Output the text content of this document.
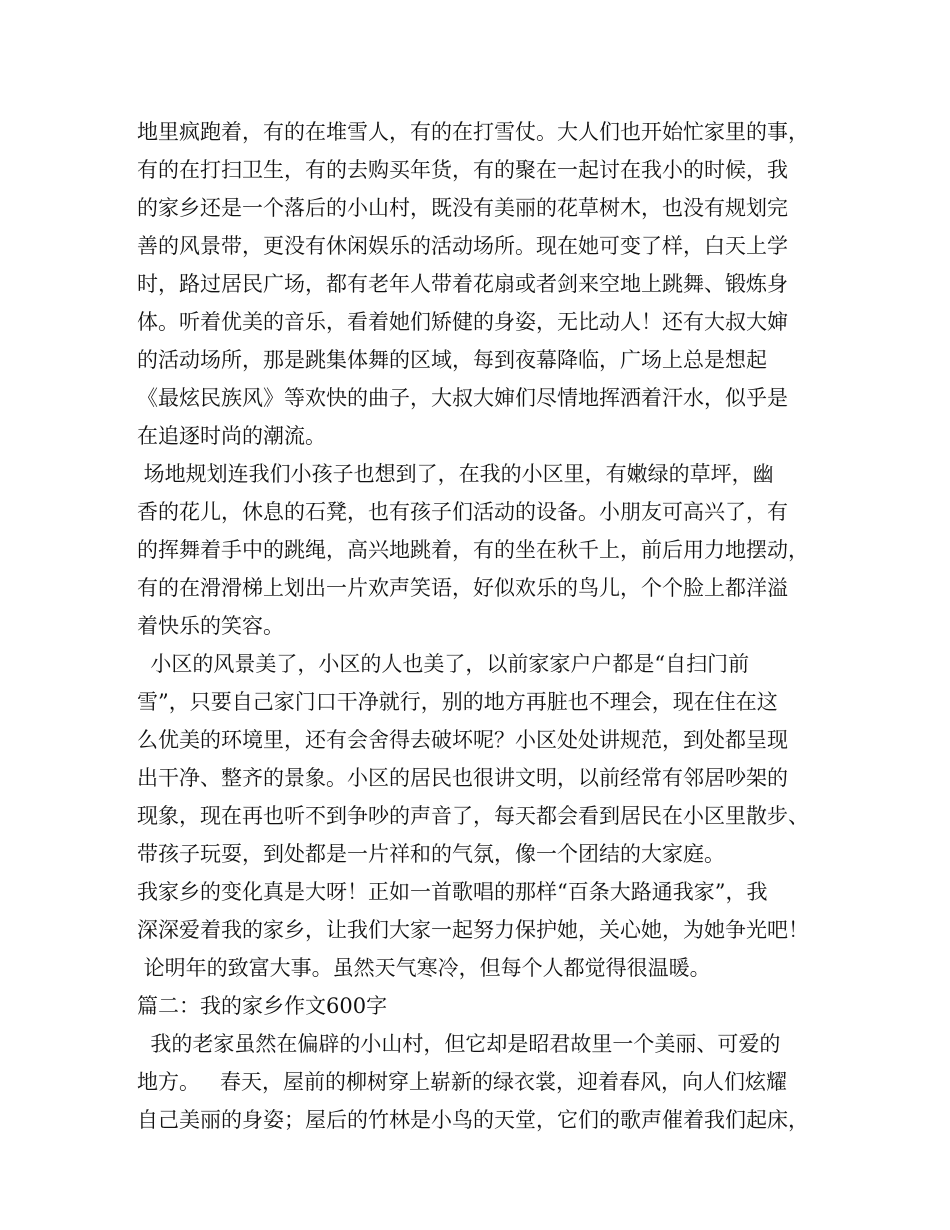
地里疯跑着，有的在堆雪人，有的在打雪仗。大人们也开始忙家里的事，
有的在打扫卫生，有的去购买年货，有的聚在一起讨在我小的时候，我
的家乡还是一个落后的小山村，既没有美丽的花草树木，也没有规划完
善的风景带，更没有休闲娱乐的活动场所。现在她可变了样，白天上学
时，路过居民广场，都有老年人带着花扇或者剑来空地上跳舞、锻炼身
体。听着优美的音乐，看着她们矫健的身姿，无比动人！还有大叔大婶
的活动场所，那是跳集体舞的区域，每到夜幕降临，广场上总是想起
《最炫民族风》等欢快的曲子，大叔大婶们尽情地挥洒着汗水，似乎是
在追逐时尚的潮流。
场地规划连我们小孩子也想到了，在我的小区里，有嫩绿的草坪，幽
香的花儿，休息的石凳，也有孩子们活动的设备。小朋友可高兴了，有
的挥舞着手中的跳绳，高兴地跳着，有的坐在秋千上，前后用力地摆动，
有的在滑滑梯上划出一片欢声笑语，好似欢乐的鸟儿，个个脸上都洋溢
着快乐的笑容。
小区的风景美了，小区的人也美了，以前家家户户都是“自扫门前
雪”，只要自己家门口干净就行，别的地方再脏也不理会，现在住在这
么优美的环境里，还有会舍得去破坏呢？小区处处讲规范，到处都呈现
出干净、整齐的景象。小区的居民也很讲文明，以前经常有邻居吵架的
现象，现在再也听不到争吵的声音了，每天都会看到居民在小区里散步、
带孩子玩耍，到处都是一片祥和的气氛，像一个团结的大家庭。
我家乡的变化真是大呀！正如一首歌唱的那样“百条大路通我家”，我
深深爱着我的家乡，让我们大家一起努力保护她，关心她，为她争光吧！
论明年的致富大事。虽然天气寒冷，但每个人都觉得很温暖。
篇二：我的家乡作文600字
我的老家虽然在偏辟的小山村，但它却是昭君故里一个美丽、可爱的
地方。   春天，屋前的柳树穿上崭新的绿衣裳，迎着春风，向人们炫耀
自己美丽的身姿；屋后的竹林是小鸟的天堂，它们的歌声催着我们起床，
